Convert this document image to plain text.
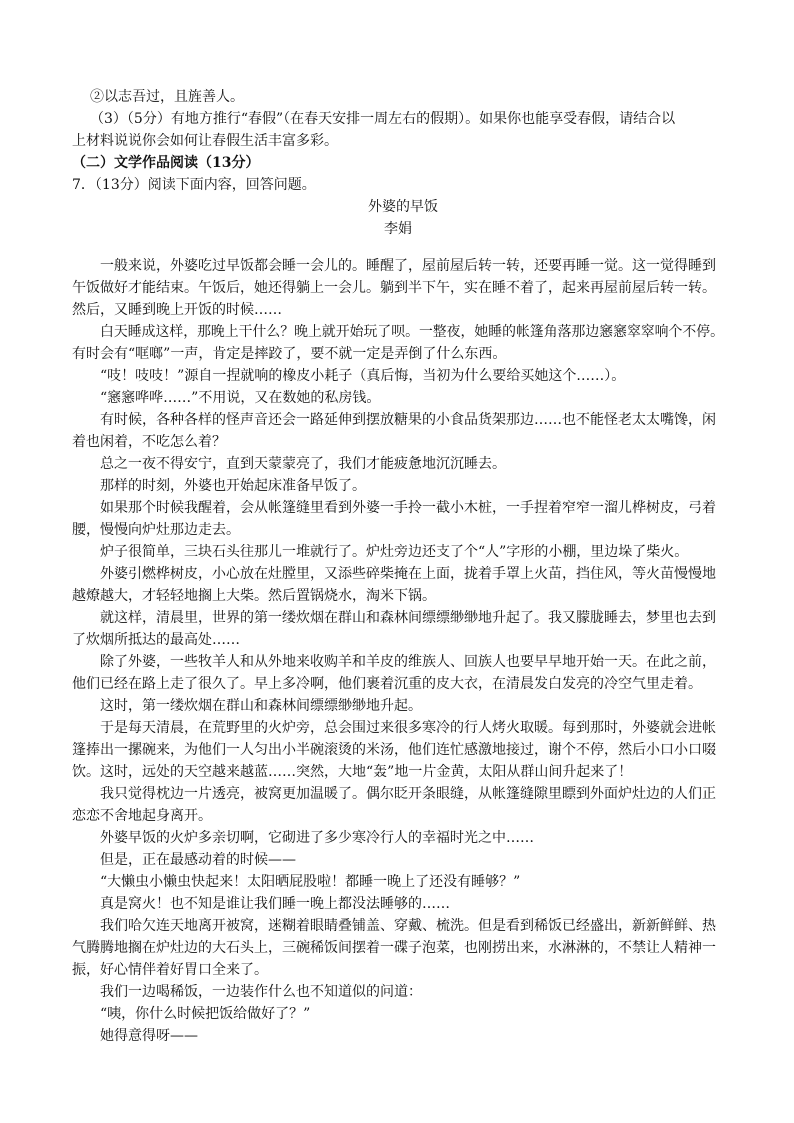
②以志吾过，且旌善人。
（3）（5分）有地方推行“春假”（在春天安排一周左右的假期）。如果你也能享受春假，请结合以
上材料说说你会如何让春假生活丰富多彩。
（二）文学作品阅读（13分）
7．（13分）阅读下面内容，回答问题。
外婆的早饭
李娟
一般来说，外婆吃过早饭都会睡一会儿的。睡醒了，屋前屋后转一转，还要再睡一觉。这一觉得睡到
午饭做好才能结束。午饭后，她还得躺上一会儿。躺到半下午，实在睡不着了，起来再屋前屋后转一转。
然后，又睡到晚上开饭的时候……
白天睡成这样，那晚上干什么？晚上就开始玩了呗。一整夜，她睡的帐篷角落那边窸窸窣窣响个不停。
有时会有“哐啷”一声，肯定是摔跤了，要不就一定是弄倒了什么东西。
“吱！吱吱！”源自一捏就响的橡皮小耗子（真后悔，当初为什么要给买她这个……）。
“窸窸哗哗……”不用说，又在数她的私房钱。
有时候，各种各样的怪声音还会一路延伸到摆放糖果的小食品货架那边……也不能怪老太太嘴馋，闲
着也闲着，不吃怎么着？
总之一夜不得安宁，直到天蒙蒙亮了，我们才能疲惫地沉沉睡去。
那样的时刻，外婆也开始起床准备早饭了。
如果那个时候我醒着，会从帐篷缝里看到外婆一手拎一截小木桩，一手捏着窄窄一溜儿桦树皮，弓着
腰，慢慢向炉灶那边走去。
炉子很简单，三块石头往那儿一堆就行了。炉灶旁边还支了个“人”字形的小棚，里边垛了柴火。
外婆引燃桦树皮，小心放在灶膛里，又添些碎柴掩在上面，拢着手罩上火苗，挡住风，等火苗慢慢地
越燎越大，才轻轻地搁上大柴。然后置锅烧水，淘米下锅。
就这样，清晨里，世界的第一缕炊烟在群山和森林间缥缥缈缈地升起了。我又朦胧睡去，梦里也去到
了炊烟所抵达的最高处……
除了外婆，一些牧羊人和从外地来收购羊和羊皮的维族人、回族人也要早早地开始一天。在此之前，
他们已经在路上走了很久了。早上多冷啊，他们裹着沉重的皮大衣，在清晨发白发亮的冷空气里走着。
这时，第一缕炊烟在群山和森林间缥缥缈缈地升起。
于是每天清晨，在荒野里的火炉旁，总会围过来很多寒冷的行人烤火取暖。每到那时，外婆就会进帐
篷捧出一摞碗来，为他们一人匀出小半碗滚烫的米汤，他们连忙感激地接过，谢个不停，然后小口小口啜
饮。这时，远处的天空越来越蓝……突然，大地“轰”地一片金黄，太阳从群山间升起来了！
我只觉得枕边一片透亮，被窝更加温暖了。偶尔眨开条眼缝，从帐篷缝隙里瞟到外面炉灶边的人们正
恋恋不舍地起身离开。
外婆早饭的火炉多亲切啊，它砌进了多少寒冷行人的幸福时光之中……
但是，正在最感动着的时候——
“大懒虫小懒虫快起来！太阳晒屁股啦！都睡一晚上了还没有睡够？”
真是窝火！也不知是谁让我们睡一晚上都没法睡够的……
我们哈欠连天地离开被窝，迷糊着眼睛叠铺盖、穿戴、梳洗。但是看到稀饭已经盛出，新新鲜鲜、热
气腾腾地搁在炉灶边的大石头上，三碗稀饭间摆着一碟子泡菜，也刚捞出来，水淋淋的，不禁让人精神一
振，好心情伴着好胃口全来了。
我们一边喝稀饭，一边装作什么也不知道似的问道：
“咦，你什么时候把饭给做好了？”
她得意得呀——
